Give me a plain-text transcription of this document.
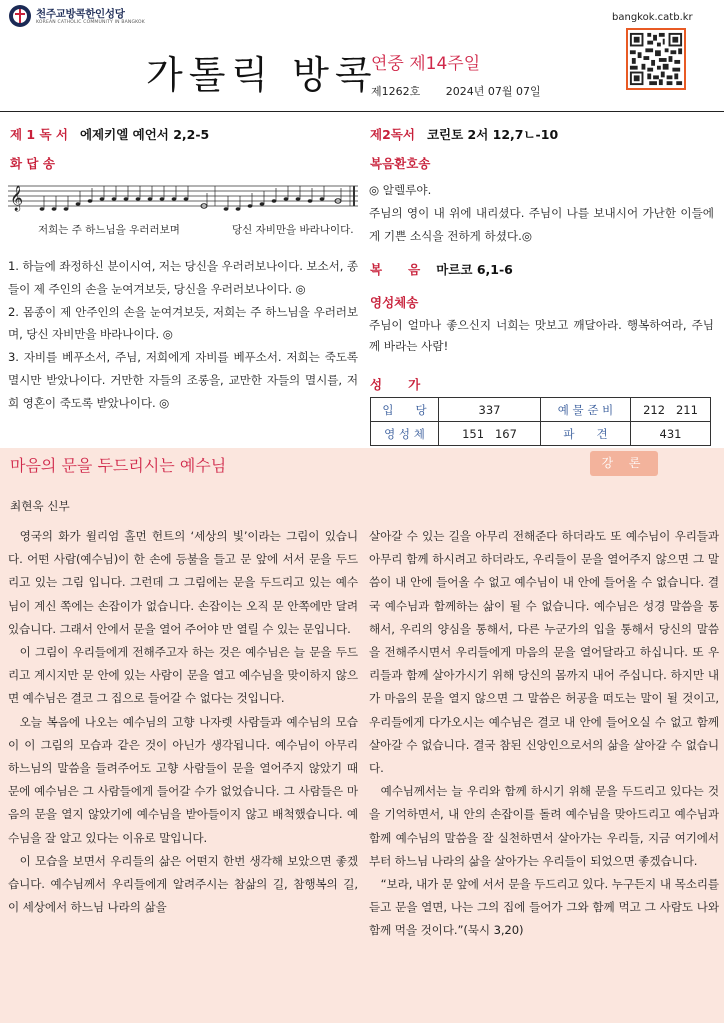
천주교방콕한인성당
KOREAN CATHOLIC COMMUNITY IN BANGKOK
가톨릭 방콕
연중 제14주일
제1262호 2024년 07월 07일
bangkok.catb.kr
제 1 독 서 에제키엘 예언서 2,2-5
화 답 송
𝄞
저희는 주 하느님을 우러러보며	당신 자비만을 바라나이다.

1. 하늘에 좌정하신 분이시여, 저는 당신을 우러러보나이다. 보소서, 종들이 제 주인의 손을 눈여겨보듯, 당신을 우러러보나이다. ◎

2. 몸종이 제 안주인의 손을 눈여겨보듯, 저희는 주 하느님을 우러러보며, 당신 자비만을 바라나이다. ◎

3. 자비를 베푸소서, 주님, 저희에게 자비를 베푸소서. 저희는 죽도록 멸시만 받았나이다. 거만한 자들의 조롱을, 교만한 자들의 멸시를, 저희 영혼이 죽도록 받았나이다. ◎

제2독서 코린토 2서 12,7ㄴ-10
복음환호송
◎ 알렐루야.
주님의 영이 내 위에 내리셨다. 주님이 나를 보내시어 가난한 이들에게 기쁜 소식을 전하게 하셨다.◎
복      음 마르코 6,1-6
영성체송
주님이 얼마나 좋으신지 너희는 맛보고 깨달아라. 행복하여라, 주님께 바라는 사람!
성      가
입      당	337	예 물 준 비	212   211
영 성 체	151   167	파      견	431
마음의 문을 두드리시는 예수님	강 론
최현욱 신부

영국의 화가 윌리엄 홀먼 헌트의 ‘세상의 빛’이라는 그림이 있습니다. 어떤 사람(예수님)이 한 손에 등불을 들고 문 앞에 서서 문을 두드리고 있는 그림 입니다. 그런데 그 그림에는 문을 두드리고 있는 예수님이 계신 쪽에는 손잡이가 없습니다. 손잡이는 오직 문 안쪽에만 달려 있습니다. 그래서 안에서 문을 열어 주어야 만 열릴 수 있는 문입니다.

이 그림이 우리들에게 전해주고자 하는 것은 예수님은 늘 문을 두드리고 계시지만 문 안에 있는 사람이 문을 열고 예수님을 맞이하지 않으면 예수님은 결코 그 집으로 들어갈 수 없다는 것입니다.

오늘 복음에 나오는 예수님의 고향 나자렛 사람들과 예수님의 모습이 이 그림의 모습과 같은 것이 아닌가 생각됩니다. 예수님이 아무리 하느님의 말씀을 들려주어도 고향 사람들이 문을 열어주지 않았기 때문에 예수님은 그 사람들에게 들어갈 수가 없었습니다. 그 사람들은 마음의 문을 열지 않았기에 예수님을 받아들이지 않고 배척했습니다. 예수님을 잘 알고 있다는 이유로 말입니다.

이 모습을 보면서 우리들의 삶은 어떤지 한번 생각해 보았으면 좋겠습니다. 예수님께서 우리들에게 알려주시는 참삶의 길, 참행복의 길, 이 세상에서 하느님 나라의 삶을

살아갈 수 있는 길을 아무리 전해준다 하더라도 또 예수님이 우리들과 아무리 함께 하시려고 하더라도, 우리들이 문을 열어주지 않으면 그 말씀이 내 안에 들어올 수 없고 예수님이 내 안에 들어올 수 없습니다. 결국 예수님과 함께하는 삶이 될 수 없습니다. 예수님은 성경 말씀을 통해서, 우리의 양심을 통해서, 다른 누군가의 입을 통해서 당신의 말씀을 전해주시면서 우리들에게 마음의 문을 열어달라고 하십니다. 또 우리들과 함께 살아가시기 위해 당신의 몸까지 내어 주십니다. 하지만 내가 마음의 문을 열지 않으면 그 말씀은 허공을 떠도는 말이 될 것이고, 우리들에게 다가오시는 예수님은 결코 내 안에 들어오실 수 없고 함께 살아갈 수 없습니다. 결국 참된 신앙인으로서의 삶을 살아갈 수 없습니다.

예수님께서는 늘 우리와 함께 하시기 위해 문을 두드리고 있다는 것을 기억하면서, 내 안의 손잡이를 돌려 예수님을 맞아드리고 예수님과 함께 예수님의 말씀을 잘 실천하면서 살아가는 우리들, 지금 여기에서부터 하느님 나라의 삶을 살아가는 우리들이 되었으면 좋겠습니다.

“보라, 내가 문 앞에 서서 문을 두드리고 있다. 누구든지 내 목소리를 듣고 문을 열면, 나는 그의 집에 들어가 그와 함께 먹고 그 사람도 나와 함께 먹을 것이다.”(묵시 3,20)
